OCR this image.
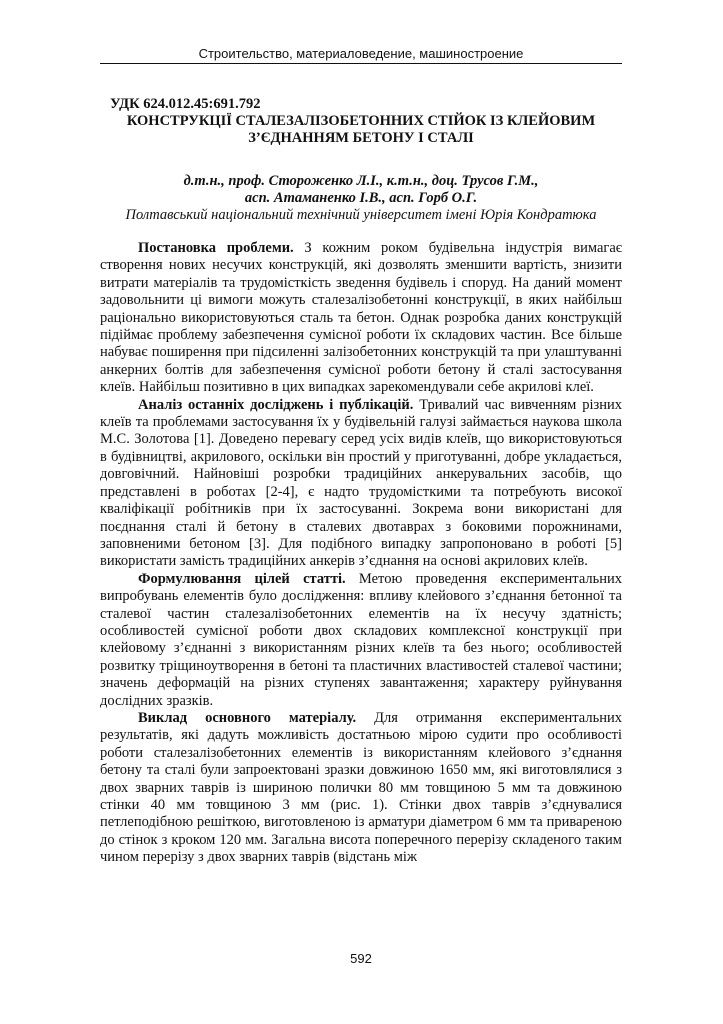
Строительство, материаловедение, машиностроение
УДК 624.012.45:691.792
КОНСТРУКЦІЇ СТАЛЕЗАЛІЗОБЕТОННИХ СТІЙОК ІЗ КЛЕЙОВИМ
З’ЄДНАННЯМ БЕТОНУ І СТАЛІ
д.т.н., проф. Стороженко Л.І., к.т.н., доц. Трусов Г.М.,
асп. Атаманенко І.В., асп. Горб О.Г.
Полтавський національний технічний університет імені Юрія Кондратюка

Постановка проблеми. З кожним роком будівельна індустрія вимагає створення нових несучих конструкцій, які дозволять зменшити вартість, знизити витрати матеріалів та трудомісткість зведення будівель і споруд. На даний момент задовольнити ці вимоги можуть сталезалізобетонні конструкції, в яких найбільш раціонально використовуються сталь та бетон. Однак розробка даних конструкцій підіймає проблему забезпечення сумісної роботи їх складових частин. Все більше набуває поширення при підсиленні залізобетонних конструкцій та при улаштуванні анкерних болтів для забезпечення сумісної роботи бетону й сталі застосування клеїв. Найбільш позитивно в цих випадках зарекомендували себе акрилові клеї.

Аналіз останніх досліджень і публікацій. Тривалий час вивченням різних клеїв та проблемами застосування їх у будівельній галузі займається наукова школа М.С. Золотова [1]. Доведено перевагу серед усіх видів клеїв, що використовуються в будівництві, акрилового, оскільки він простий у приготуванні, добре укладається, довговічний. Найновіші розробки традиційних анкерувальних засобів, що представлені в роботах [2-4], є надто трудомісткими та потребують високої кваліфікації робітників при їх застосуванні. Зокрема вони використані для поєднання сталі й бетону в сталевих двотаврах з боковими порожнинами, заповненими бетоном [3]. Для подібного випадку запропоновано в роботі [5] використати замість традиційних анкерів з’єднання на основі акрилових клеїв.

Формулювання цілей статті. Метою проведення експериментальних випробувань елементів було дослідження: впливу клейового з’єднання бетонної та сталевої частин сталезалізобетонних елементів на їх несучу здатність; особливостей сумісної роботи двох складових комплексної конструкції при клейовому з’єднанні з використанням різних клеїв та без нього; особливостей розвитку тріщиноутворення в бетоні та пластичних властивостей сталевої частини; значень деформацій на різних ступенях завантаження; характеру руйнування дослідних зразків.

Виклад основного матеріалу. Для отримання експериментальних результатів, які дадуть можливість достатньою мірою судити про особливості роботи сталезалізобетонних елементів із використанням клейового з’єднання бетону та сталі були запроектовані зразки довжиною 1650 мм, які виготовлялися з двох зварних таврів із шириною полички 80 мм товщиною 5 мм та довжиною стінки 40 мм товщиною 3 мм (рис. 1). Стінки двох таврів з’єднувалися петлеподібною решіткою, виготовленою із арматури діаметром 6 мм та привареною до стінок з кроком 120 мм. Загальна висота поперечного перерізу складеного таким чином перерізу з двох зварних таврів (відстань між

592
